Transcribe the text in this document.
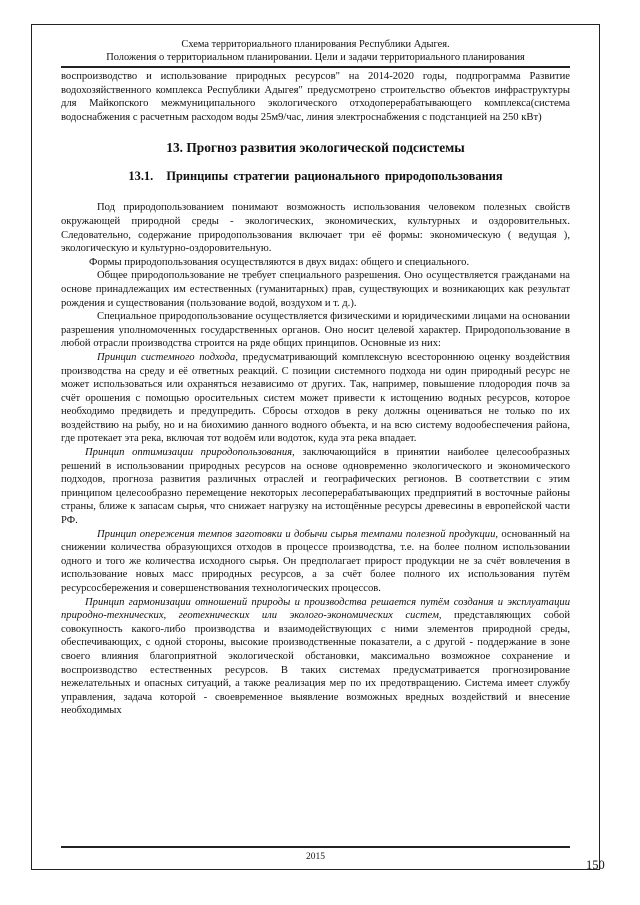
Схема территориального планирования Республики Адыгея.
Положения о территориальном планировании. Цели и задачи территориального планирования

воспроизводство и использование природных ресурсов" на 2014-2020 годы, подпрограмма Развитие водохозяйственного комплекса Республики Адыгея" предусмотрено строительство объектов инфраструктуры для Майкопского межмуниципального экологического отходоперерабатывающего комплекса(система водоснабжения с расчетным расходом воды 25м9/час, линия электроснабжения с подстанцией на 250 кВт)

13. Прогноз развития экологической подсистемы
13.1. Принципы стратегии рационального природопользования

Под природопользованием понимают возможность использования человеком полезных свойств окружающей природной среды - экологических, экономических, культурных и оздоровительных. Следовательно, содержание природопользования включает три её формы: экономическую ( ведущая ), экологическую и культурно-оздоровительную.

Формы природопользования осуществляются в двух видах: общего и специального.

Общее природопользование не требует специального разрешения. Оно осуществляется гражданами на основе принадлежащих им естественных (гуманитарных) прав, существующих и возникающих как результат рождения и существования (пользование водой, воздухом и т. д.).

Специальное природопользование осуществляется физическими и юридическими лицами на основании разрешения уполномоченных государственных органов. Оно носит целевой характер. Природопользование в любой отрасли производства строится на ряде общих принципов. Основные из них:

Принцип системного подхода, предусматривающий комплексную всестороннюю оценку воздействия производства на среду и её ответных реакций. С позиции системного подхода ни один природный ресурс не может использоваться или охраняться независимо от других. Так, например, повышение плодородия почв за счёт орошения с помощью оросительных систем может привести к истощению водных ресурсов, которое необходимо предвидеть и предупредить. Сбросы отходов в реку должны оцениваться не только по их воздействию на рыбу, но и на биохимию данного водного объекта, и на всю систему водообеспечения района, где протекает эта река, включая тот водоём или водоток, куда эта река впадает.

Принцип оптимизации природопользования, заключающийся в принятии наиболее целесообразных решений в использовании природных ресурсов на основе одновременно экологического и экономического подходов, прогноза развития различных отраслей и географических регионов. В соответствии с этим принципом целесообразно перемещение некоторых лесоперерабатывающих предприятий в восточные районы страны, ближе к запасам сырья, что снижает нагрузку на истощённые ресурсы древесины в европейской части РФ.

Принцип опережения темпов заготовки и добычи сырья темпами полезной продукции, основанный на снижении количества образующихся отходов в процессе производства, т.е. на более полном использовании одного и того же количества исходного сырья. Он предполагает прирост продукции не за счёт вовлечения в использование новых масс природных ресурсов, а за счёт более полного их использования путём ресурсосбережения и совершенствования технологических процессов.

Принцип гармонизации отношений природы и производства решается путём создания и эксплуатации природно-технических, геотехнических или эколого-экономических систем, представляющих собой совокупность какого-либо производства и взаимодействующих с ними элементов природной среды, обеспечивающих, с одной стороны, высокие производственные показатели, а с другой - поддержание в зоне своего влияния благоприятной экологической обстановки, максимально возможное сохранение и воспроизводство естественных ресурсов. В таких системах предусматривается прогнозирование нежелательных и опасных ситуаций, а также реализация мер по их предотвращению. Система имеет службу управления, задача которой - своевременное выявление возможных вредных воздействий и внесение необходимых

2015
150
